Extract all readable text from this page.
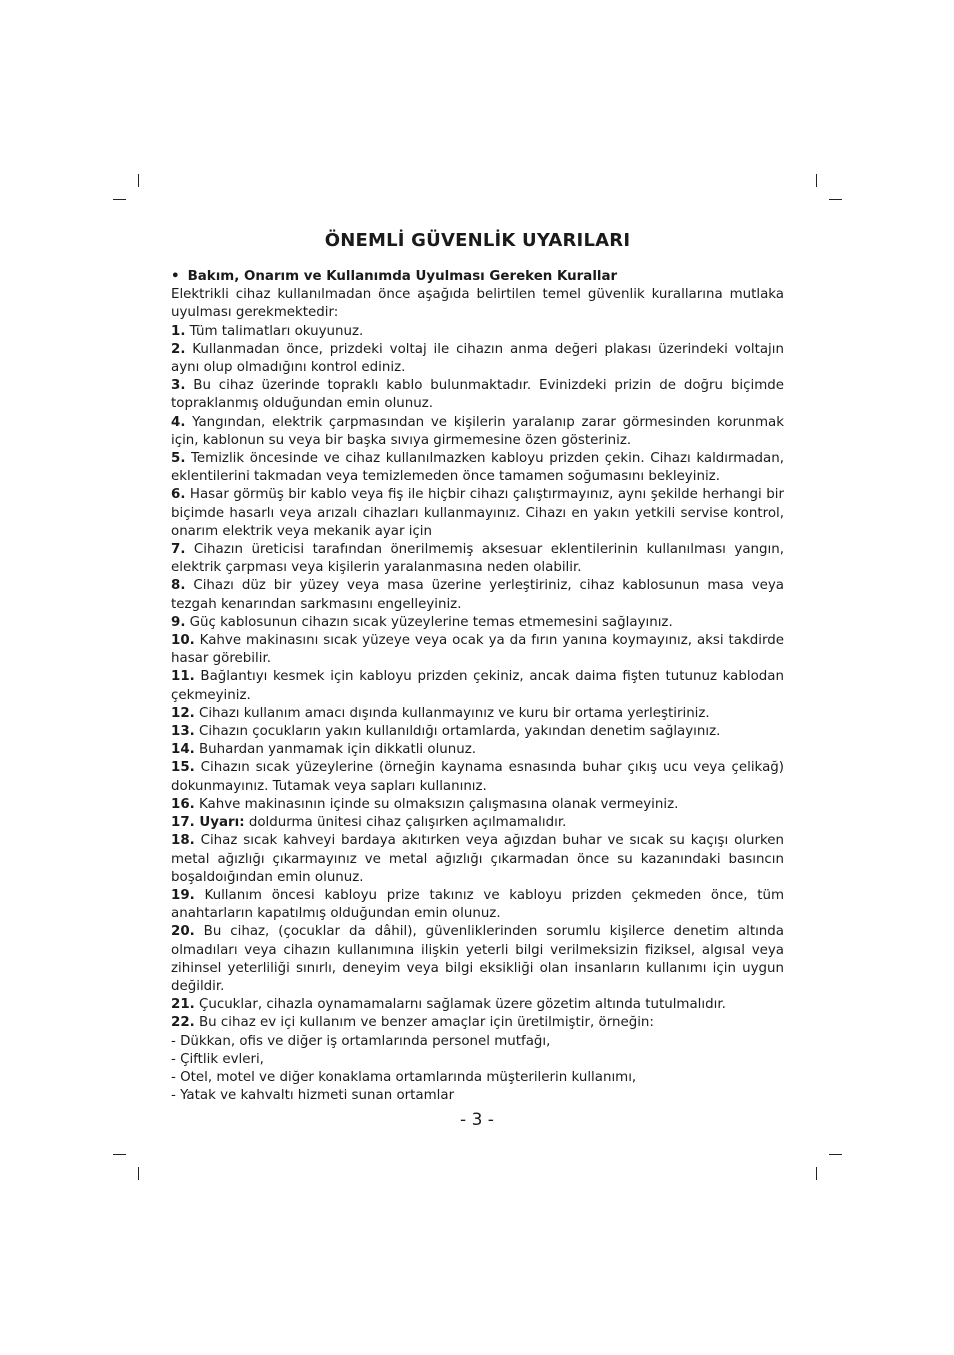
ÖNEMLİ GÜVENLİK UYARILARI
• Bakım, Onarım ve Kullanımda Uyulması Gereken Kurallar

Elektrikli cihaz kullanılmadan önce aşağıda belirtilen temel güvenlik kurallarına mutlaka uyulması gerekmektedir:

1. Tüm talimatları okuyunuz.

2. Kullanmadan önce, prizdeki voltaj ile cihazın anma değeri plakası üzerindeki voltajın aynı olup olmadığını kontrol ediniz.

3. Bu cihaz üzerinde topraklı kablo bulunmaktadır. Evinizdeki prizin de doğru biçimde topraklanmış olduğundan emin olunuz.

4. Yangından, elektrik çarpmasından ve kişilerin yaralanıp zarar görmesinden korunmak için, kablonun su veya bir başka sıvıya girmemesine özen gösteriniz.

5. Temizlik öncesinde ve cihaz kullanılmazken kabloyu prizden çekin. Cihazı kaldırmadan, eklentilerini takmadan veya temizlemeden önce tamamen soğumasını bekleyiniz.

6. Hasar görmüş bir kablo veya fiş ile hiçbir cihazı çalıştırmayınız, aynı şekilde herhangi bir biçimde hasarlı veya arızalı cihazları kullanmayınız. Cihazı en yakın yetkili servise kontrol, onarım elektrik veya mekanik ayar için

7. Cihazın üreticisi tarafından önerilmemiş aksesuar eklentilerinin kullanılması yangın, elektrik çarpması veya kişilerin yaralanmasına neden olabilir.

8. Cihazı düz bir yüzey veya masa üzerine yerleştiriniz, cihaz kablosunun masa veya tezgah kenarından sarkmasını engelleyiniz.

9. Güç kablosunun cihazın sıcak yüzeylerine temas etmemesini sağlayınız.

10. Kahve makinasını sıcak yüzeye veya ocak ya da fırın yanına koymayınız, aksi takdirde hasar görebilir.

11. Bağlantıyı kesmek için kabloyu prizden çekiniz, ancak daima fişten tutunuz kablodan çekmeyiniz.

12. Cihazı kullanım amacı dışında kullanmayınız ve kuru bir ortama yerleştiriniz.

13. Cihazın çocukların yakın kullanıldığı ortamlarda, yakından denetim sağlayınız.

14. Buhardan yanmamak için dikkatli olunuz.

15. Cihazın sıcak yüzeylerine (örneğin kaynama esnasında buhar çıkış ucu veya çelikağ) dokunmayınız. Tutamak veya sapları kullanınız.

16. Kahve makinasının içinde su olmaksızın çalışmasına olanak vermeyiniz.

17. Uyarı: doldurma ünitesi cihaz çalışırken açılmamalıdır.

18. Cihaz sıcak kahveyi bardaya akıtırken veya ağızdan buhar ve sıcak su kaçışı olurken metal ağızlığı çıkarmayınız ve metal ağızlığı çıkarmadan önce su kazanındaki basıncın boşaldoığından emin olunuz.

19. Kullanım öncesi kabloyu prize takınız ve kabloyu prizden çekmeden önce, tüm anahtarların kapatılmış olduğundan emin olunuz.

20. Bu cihaz, (çocuklar da dâhil), güvenliklerinden sorumlu kişilerce denetim altında olmadıları veya cihazın kullanımına ilişkin yeterli bilgi verilmeksizin fiziksel, algısal veya zihinsel yeterliliği sınırlı, deneyim veya bilgi eksikliği olan insanların kullanımı için uygun değildir.

21. Çucuklar, cihazla oynamamalarnı sağlamak üzere gözetim altında tutulmalıdır.

22. Bu cihaz ev içi kullanım ve benzer amaçlar için üretilmiştir, örneğin:

- Dükkan, ofis ve diğer iş ortamlarında personel mutfağı,

- Çiftlik evleri,

- Otel, motel ve diğer konaklama ortamlarında müşterilerin kullanımı,

- Yatak ve kahvaltı hizmeti sunan ortamlar

- 3 -
